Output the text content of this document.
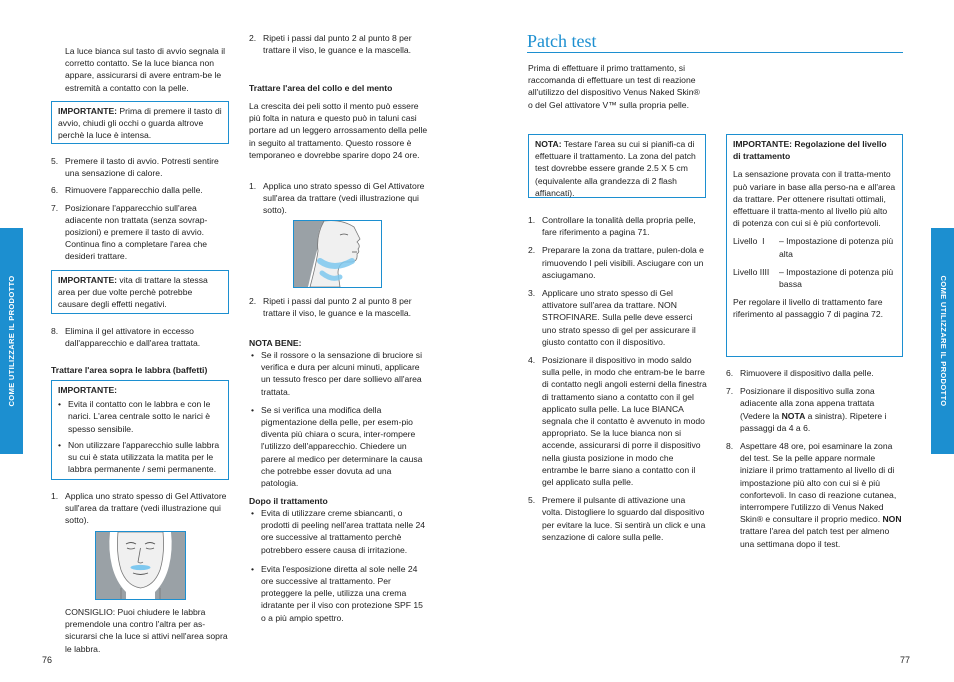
COME UTILIZZARE IL PRODOTTO	COME UTILIZZARE IL PRODOTTO

La luce bianca sul tasto di avvio segnala il corretto contatto. Se la luce bianca non appare, assicurarsi di avere entram-be le estremità a contatto con la pelle.

IMPORTANTE: Prima di premere il tasto di avvio, chiudi gli occhi o guarda altrove perchè la luce è intensa.
5. Premere il tasto di avvio. Potresti sentire una sensazione di calore.
6. Rimuovere l'apparecchio dalla pelle.
7. Posizionare l'apparecchio sull'area adiacente non trattata (senza sovrap-posizioni) e premere il tasto di avvio. Continua fino a completare l'area che desideri trattare.
IMPORTANTE: vita di trattare la stessa area per due volte perchè potrebbe causare degli effetti negativi.
8. Elimina il gel attivatore in eccesso dall'apparecchio e dall'area trattata.

Trattare l'area sopra le labbra (baffetti)

IMPORTANTE:

• Evita il contatto con le labbra e con le narici. L'area centrale sotto le narici è spesso sensibile.
• Non utilizzare l'apparecchio sulle labbra su cui è stata utilizzata la matita per le labbra permanente / semi permanente.
1. Applica uno strato spesso di Gel Attivatore sull'area da trattare (vedi illustrazione qui sotto).

CONSIGLIO: Puoi chiudere le labbra premendole una contro l'altra per as-sicurarsi che la luce si attivi nell'area sopra le labbra.

76
2. Ripeti i passi dal punto 2 al punto 8 per trattare il viso, le guance e la mascella.

Trattare l'area del collo e del mento

La crescita dei peli sotto il mento può essere più folta in natura e questo può in taluni casi portare ad un leggero arrossamento della pelle in seguito al trattamento. Questo rossore è temporaneo e dovrebbe sparire dopo 24 ore.

1. Applica uno strato spesso di Gel Attivatore sull'area da trattare (vedi illustrazione qui sotto).
2. Ripeti i passi dal punto 2 al punto 8 per trattare il viso, le guance e la mascella.

NOTA BENE:

• Se il rossore o la sensazione di bruciore si verifica e dura per alcuni minuti, applicare un tessuto fresco per dare sollievo all'area trattata.
• Se si verifica una modifica della pigmentazione della pelle, per esem-pio diventa più chiara o scura, inter-rompere l'utilizzo dell'apparecchio. Chiedere un parere al medico per determinare la causa che potrebbe esser dovuta ad una patologia.

Dopo il trattamento

• Evita di utilizzare creme sbiancanti, o prodotti di peeling nell'area trattata nelle 24 ore successive al trattamento perchè potrebbero essere causa di irritazione.
• Evita l'esposizione diretta al sole nelle 24 ore successive al trattamento. Per proteggere la pelle, utilizza una crema idratante per il viso con protezione SPF 15 o a più ampio spettro.
Patch test

Prima di effettuare il primo trattamento, si raccomanda di effettuare un test di reazione all'utilizzo del dispositivo Venus Naked Skin® o del Gel attivatore V™ sulla propria pelle.

NOTA: Testare l'area su cui si pianifi-ca di effettuare il trattamento. La zona del patch test dovrebbe essere grande 2.5 X 5 cm (equivalente alla grandezza di 2 flash affiancati).
1. Controllare la tonalità della propria pelle, fare riferimento a pagina 71.
2. Preparare la zona da trattare, pulen-dola e rimuovendo I peli visibili. Asciugare con un asciugamano.
3. Applicare uno strato spesso di Gel attivatore sull'area da trattare. NON STROFINARE. Sulla pelle deve esserci uno strato spesso di gel per assicurare il giusto contatto con il dispositivo.
4. Posizionare il dispositivo in modo saldo sulla pelle, in modo che entram-be le barre di contatto negli angoli esterni della finestra di trattamento siano a contatto con il gel applicato sulla pelle. La luce BIANCA segnala che il contatto è avvenuto in modo appropriato. Se la luce bianca non si accende, assicurarsi di porre il dispositivo nella giusta posizione in modo che entrambe le barre siano a contatto con il gel applicato sulla pelle.
5. Premere il pulsante di attivazione una volta. Distogliere lo sguardo dal dispositivo per evitare la luce. Si sentirà un click e una senzazione di calore sulla pelle.

IMPORTANTE: Regolazione del livello di trattamento

La sensazione provata con il tratta-mento può variare in base alla perso-na e all'area da trattare. Per ottenere risultati ottimali, effettuare il tratta-mento al livello più alto di potenza con cui si è più confortevoli.

Livello  I	– Impostazione di potenza più alta
Livello IIII	– Impostazione di potenza più bassa

Per regolare il livello di trattamento fare riferimento al passaggio 7 di pagina 72.

6. Rimuovere il dispositivo dalla pelle.
7. Posizionare il dispositivo sulla zona adiacente alla zona appena trattata (Vedere la NOTA a sinistra). Ripetere i passaggi da 4 a 6.
8. Aspettare 48 ore, poi esaminare la zona del test. Se la pelle appare normale iniziare il primo trattamento al livello di di impostazione più alto con cui si è più confortevoli. In caso di reazione cutanea, interrompere l'utilizzo di Venus Naked Skin® e consultare il proprio medico. NON trattare l'area del patch test per almeno una settimana dopo il test.
77
